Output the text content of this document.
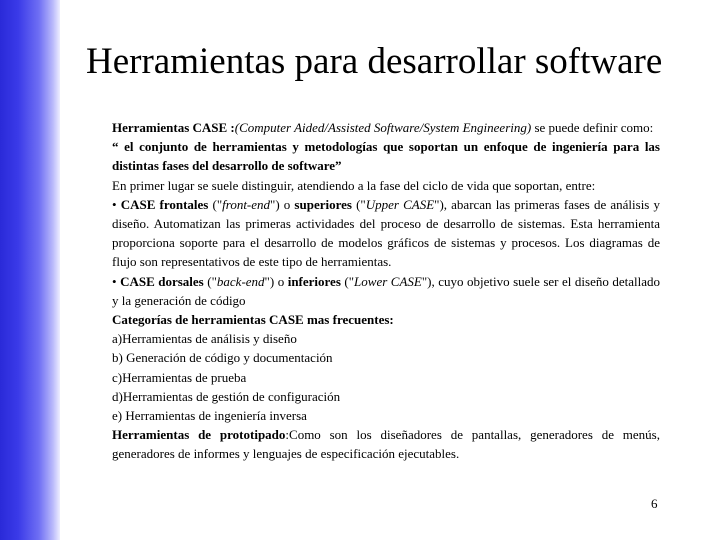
Herramientas para desarrollar software

Herramientas CASE :(Computer Aided/Assisted Software/System Engineering) se puede definir como:

“ el conjunto de herramientas y metodologías que soportan un enfoque de ingeniería para las distintas fases del desarrollo de software”

En primer lugar se suele distinguir, atendiendo a la fase del ciclo de vida que soportan, entre:

• CASE frontales ("front-end") o superiores ("Upper CASE"), abarcan las primeras fases de análisis y diseño. Automatizan las primeras actividades del proceso de desarrollo de sistemas. Esta herramienta proporciona soporte para el desarrollo de modelos gráficos de sistemas y procesos. Los diagramas de flujo son representativos de este tipo de herramientas.

• CASE dorsales ("back-end") o inferiores ("Lower CASE"), cuyo objetivo suele ser el diseño detallado y la generación de código

Categorías de herramientas CASE mas frecuentes:

a)Herramientas de análisis y diseño

b) Generación de código y documentación

c)Herramientas de prueba

d)Herramientas de gestión de configuración

e) Herramientas de ingeniería inversa

Herramientas de prototipado:Como son los diseñadores de pantallas, generadores de menús, generadores de informes y lenguajes de especificación ejecutables.

6
